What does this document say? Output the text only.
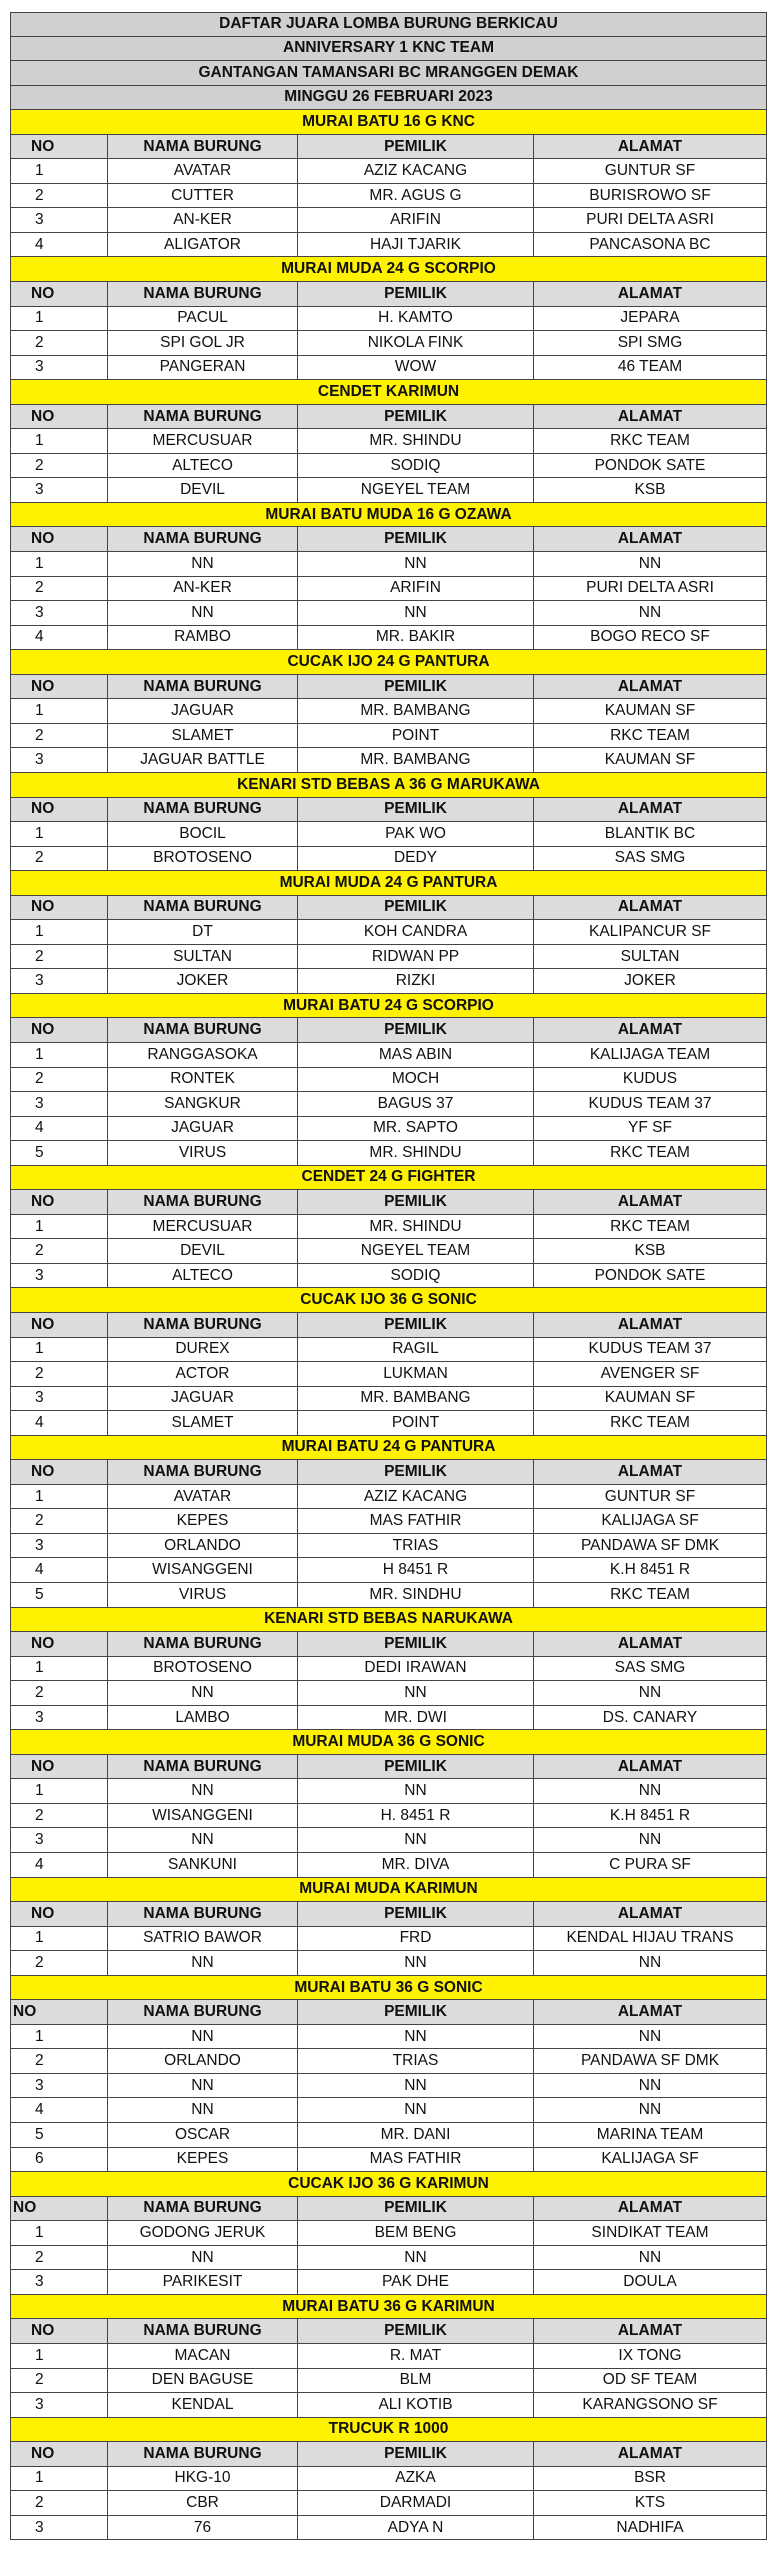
DAFTAR JUARA LOMBA BURUNG BERKICAU
ANNIVERSARY 1 KNC TEAM
GANTANGAN TAMANSARI BC MRANGGEN DEMAK
MINGGU 26 FEBRUARI 2023
MURAI BATU 16 G KNC
NO	NAMA BURUNG	PEMILIK	ALAMAT
1	AVATAR	AZIZ KACANG	GUNTUR SF
2	CUTTER	MR. AGUS G	BURISROWO SF
3	AN-KER	ARIFIN	PURI DELTA ASRI
4	ALIGATOR	HAJI TJARIK	PANCASONA BC
MURAI MUDA 24 G SCORPIO
NO	NAMA BURUNG	PEMILIK	ALAMAT
1	PACUL	H. KAMTO	JEPARA
2	SPI GOL JR	NIKOLA FINK	SPI SMG
3	PANGERAN	WOW	46 TEAM
CENDET KARIMUN
NO	NAMA BURUNG	PEMILIK	ALAMAT
1	MERCUSUAR	MR. SHINDU	RKC TEAM
2	ALTECO	SODIQ	PONDOK SATE
3	DEVIL	NGEYEL TEAM	KSB
MURAI BATU MUDA 16 G OZAWA
NO	NAMA BURUNG	PEMILIK	ALAMAT
1	NN	NN	NN
2	AN-KER	ARIFIN	PURI DELTA ASRI
3	NN	NN	NN
4	RAMBO	MR. BAKIR	BOGO RECO SF
CUCAK IJO 24 G PANTURA
NO	NAMA BURUNG	PEMILIK	ALAMAT
1	JAGUAR	MR. BAMBANG	KAUMAN SF
2	SLAMET	POINT	RKC TEAM
3	JAGUAR BATTLE	MR. BAMBANG	KAUMAN SF
KENARI STD BEBAS A 36 G MARUKAWA
NO	NAMA BURUNG	PEMILIK	ALAMAT
1	BOCIL	PAK WO	BLANTIK BC
2	BROTOSENO	DEDY	SAS SMG
MURAI MUDA 24 G PANTURA
NO	NAMA BURUNG	PEMILIK	ALAMAT
1	DT	KOH CANDRA	KALIPANCUR SF
2	SULTAN	RIDWAN PP	SULTAN
3	JOKER	RIZKI	JOKER
MURAI BATU 24 G SCORPIO
NO	NAMA BURUNG	PEMILIK	ALAMAT
1	RANGGASOKA	MAS ABIN	KALIJAGA TEAM
2	RONTEK	MOCH	KUDUS
3	SANGKUR	BAGUS 37	KUDUS TEAM 37
4	JAGUAR	MR. SAPTO	YF SF
5	VIRUS	MR. SHINDU	RKC TEAM
CENDET 24 G FIGHTER
NO	NAMA BURUNG	PEMILIK	ALAMAT
1	MERCUSUAR	MR. SHINDU	RKC TEAM
2	DEVIL	NGEYEL TEAM	KSB
3	ALTECO	SODIQ	PONDOK SATE
CUCAK IJO 36 G SONIC
NO	NAMA BURUNG	PEMILIK	ALAMAT
1	DUREX	RAGIL	KUDUS TEAM 37
2	ACTOR	LUKMAN	AVENGER SF
3	JAGUAR	MR. BAMBANG	KAUMAN SF
4	SLAMET	POINT	RKC TEAM
MURAI BATU 24 G PANTURA
NO	NAMA BURUNG	PEMILIK	ALAMAT
1	AVATAR	AZIZ KACANG	GUNTUR SF
2	KEPES	MAS FATHIR	KALIJAGA SF
3	ORLANDO	TRIAS	PANDAWA SF DMK
4	WISANGGENI	H 8451 R	K.H 8451 R
5	VIRUS	MR. SINDHU	RKC TEAM
KENARI STD BEBAS NARUKAWA
NO	NAMA BURUNG	PEMILIK	ALAMAT
1	BROTOSENO	DEDI IRAWAN	SAS SMG
2	NN	NN	NN
3	LAMBO	MR. DWI	DS. CANARY
MURAI MUDA 36 G SONIC
NO	NAMA BURUNG	PEMILIK	ALAMAT
1	NN	NN	NN
2	WISANGGENI	H. 8451 R	K.H 8451 R
3	NN	NN	NN
4	SANKUNI	MR. DIVA	C PURA SF
MURAI MUDA KARIMUN
NO	NAMA BURUNG	PEMILIK	ALAMAT
1	SATRIO BAWOR	FRD	KENDAL HIJAU TRANS
2	NN	NN	NN
MURAI BATU 36 G SONIC
NO	NAMA BURUNG	PEMILIK	ALAMAT
1	NN	NN	NN
2	ORLANDO	TRIAS	PANDAWA SF DMK
3	NN	NN	NN
4	NN	NN	NN
5	OSCAR	MR. DANI	MARINA TEAM
6	KEPES	MAS FATHIR	KALIJAGA SF
CUCAK IJO 36 G KARIMUN
NO	NAMA BURUNG	PEMILIK	ALAMAT
1	GODONG JERUK	BEM BENG	SINDIKAT TEAM
2	NN	NN	NN
3	PARIKESIT	PAK DHE	DOULA
MURAI BATU 36 G KARIMUN
NO	NAMA BURUNG	PEMILIK	ALAMAT
1	MACAN	R. MAT	IX TONG
2	DEN BAGUSE	BLM	OD SF TEAM
3	KENDAL	ALI KOTIB	KARANGSONO SF
TRUCUK R 1000
NO	NAMA BURUNG	PEMILIK	ALAMAT
1	HKG-10	AZKA	BSR
2	CBR	DARMADI	KTS
3	76	ADYA N	NADHIFA
